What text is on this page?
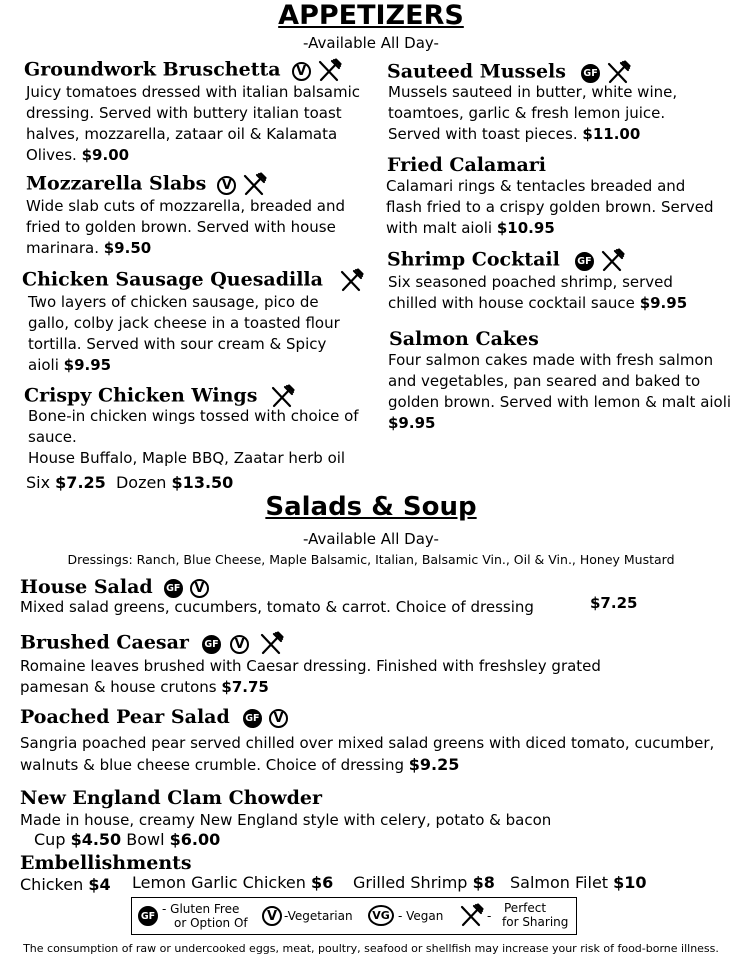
APPETIZERS
-Available All Day-
Groundwork Bruschetta V
Juicy tomatoes dressed with italian balsamic dressing. Served with buttery italian toast halves, mozzarella, zataar oil & Kalamata Olives. $9.00
Mozzarella Slabs V
Wide slab cuts of mozzarella, breaded and fried to golden brown. Served with house marinara. $9.50
Chicken Sausage Quesadilla
Two layers of chicken sausage, pico de gallo, colby jack cheese in a toasted flour tortilla. Served with sour cream & Spicy aioli $9.95
Crispy Chicken Wings
Bone-in chicken wings tossed with choice of sauce.
House Buffalo, Maple BBQ, Zaatar herb oil
Six $7.25 Dozen $13.50
Sauteed Mussels GF
Mussels sauteed in butter, white wine, toamtoes, garlic & fresh lemon juice. Served with toast pieces. $11.00
Fried Calamari
Calamari rings & tentacles breaded and flash fried to a crispy golden brown. Served with malt aioli $10.95
Shrimp Cocktail GF
Six seasoned poached shrimp, served chilled with house cocktail sauce $9.95
Salmon Cakes
Four salmon cakes made with fresh salmon and vegetables, pan seared and baked to golden brown. Served with lemon & malt aioli $9.95
Salads & Soup
-Available All Day-
Dressings: Ranch, Blue Cheese, Maple Balsamic, Italian, Balsamic Vin., Oil & Vin., Honey Mustard
House Salad GF V
Mixed salad greens, cucumbers, tomato & carrot. Choice of dressing	$7.25
Brushed Caesar GF V
Romaine leaves brushed with Caesar dressing. Finished with freshsley grated pamesan & house crutons $7.75
Poached Pear Salad GF V
Sangria poached pear served chilled over mixed salad greens with diced tomato, cucumber, walnuts & blue cheese crumble. Choice of dressing $9.25
New England Clam Chowder
Made in house, creamy New England style with celery, potato & bacon
Cup $4.50 Bowl $6.00
Embellishments
Chicken $4 Lemon Garlic Chicken $6 Grilled Shrimp $8 Salmon Filet $10
GF - Gluten Free
or Option Of	V -Vegetarian	VG - Vegan	-
Perfect
for Sharing
The consumption of raw or undercooked eggs, meat, poultry, seafood or shellfish may increase your risk of food-borne illness.
